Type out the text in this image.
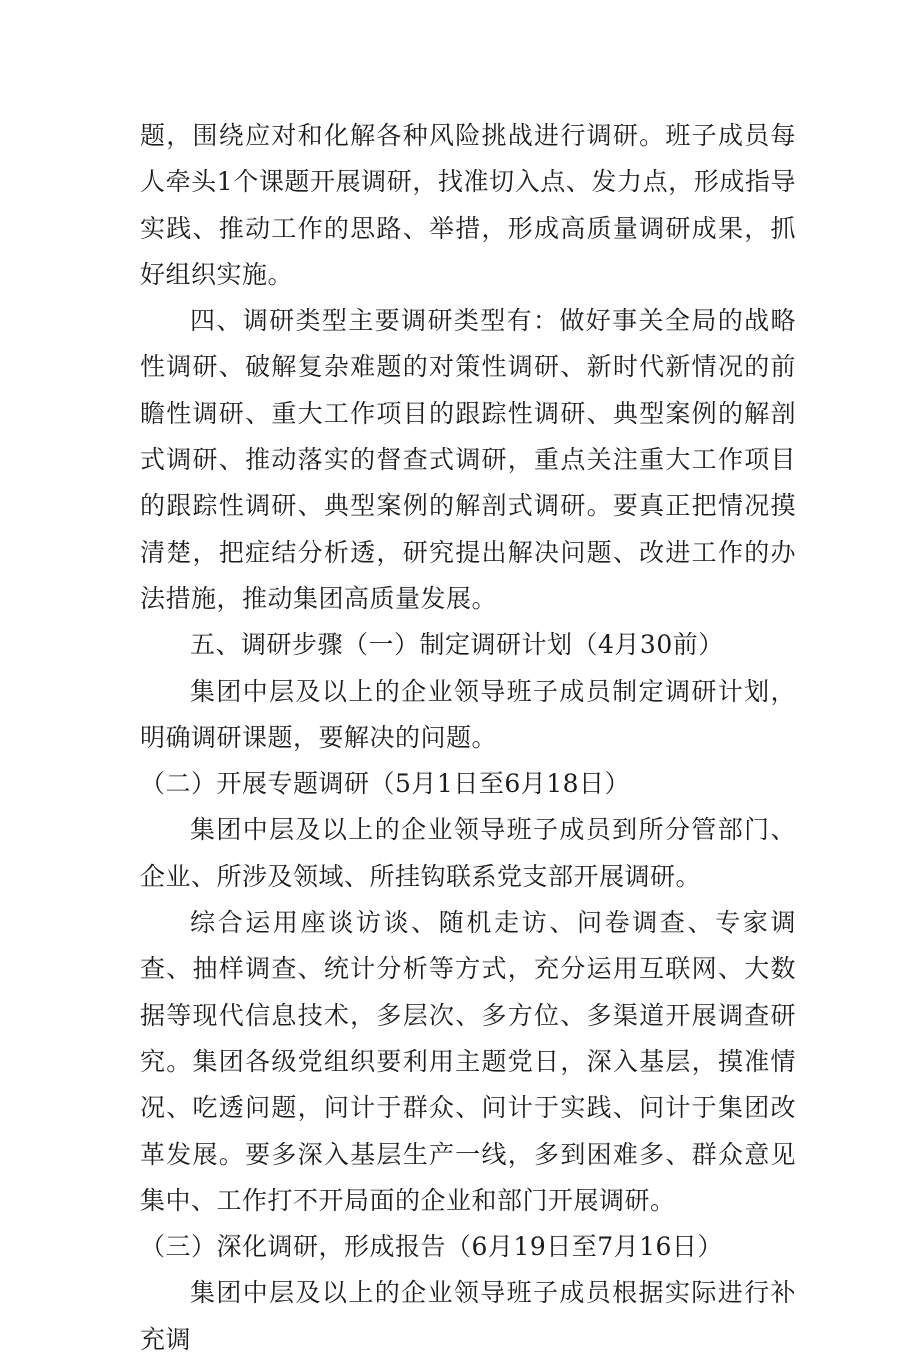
题，围绕应对和化解各种风险挑战进行调研。班子成员每人牵头1个课题开展调研，找准切入点、发力点，形成指导实践、推动工作的思路、举措，形成高质量调研成果，抓好组织实施。

四、调研类型主要调研类型有：做好事关全局的战略性调研、破解复杂难题的对策性调研、新时代新情况的前瞻性调研、重大工作项目的跟踪性调研、典型案例的解剖式调研、推动落实的督查式调研，重点关注重大工作项目的跟踪性调研、典型案例的解剖式调研。要真正把情况摸清楚，把症结分析透，研究提出解决问题、改进工作的办法措施，推动集团高质量发展。

五、调研步骤（一）制定调研计划（4月30前）

集团中层及以上的企业领导班子成员制定调研计划，明确调研课题，要解决的问题。

（二）开展专题调研（5月1日至6月18日）

集团中层及以上的企业领导班子成员到所分管部门、企业、所涉及领域、所挂钩联系党支部开展调研。

综合运用座谈访谈、随机走访、问卷调查、专家调查、抽样调查、统计分析等方式，充分运用互联网、大数据等现代信息技术，多层次、多方位、多渠道开展调查研究。集团各级党组织要利用主题党日，深入基层，摸准情况、吃透问题，问计于群众、问计于实践、问计于集团改革发展。要多深入基层生产一线，多到困难多、群众意见集中、工作打不开局面的企业和部门开展调研。

（三）深化调研，形成报告（6月19日至7月16日）

集团中层及以上的企业领导班子成员根据实际进行补充调
